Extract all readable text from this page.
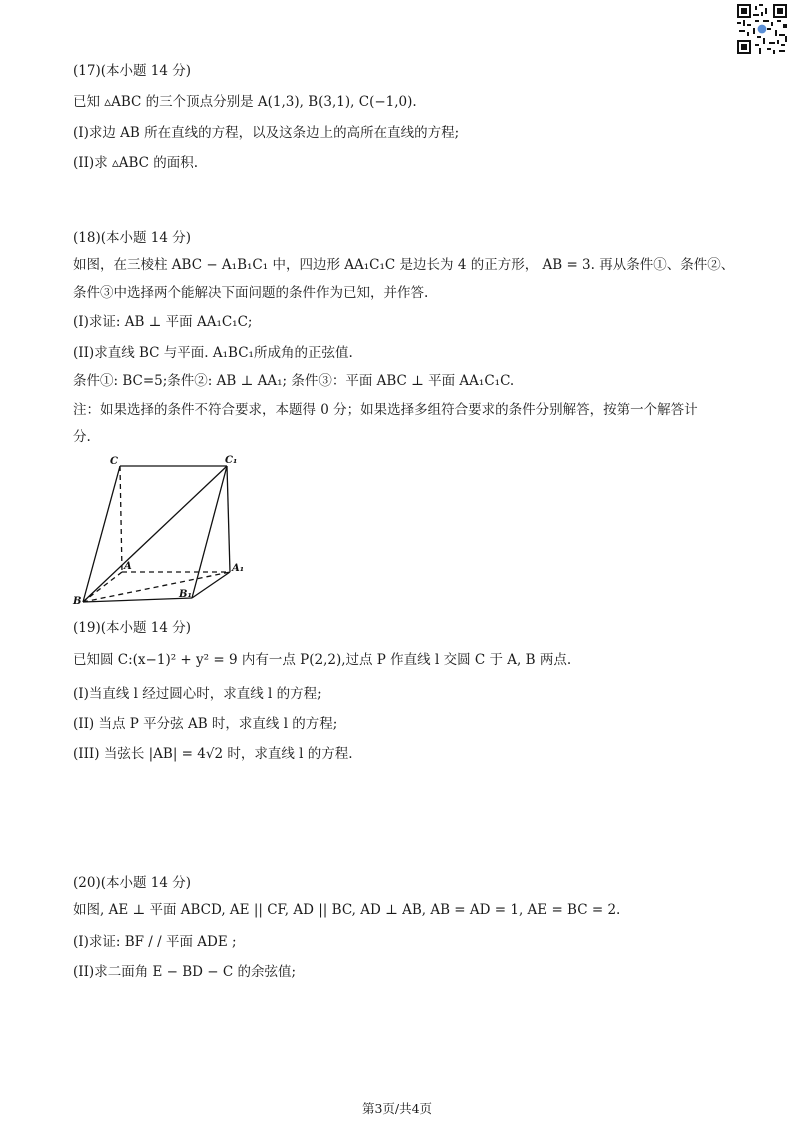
(17)(本小题 14 分)
已知 ▵ABC 的三个顶点分别是 A(1,3), B(3,1), C(−1,0).
(I)求边 AB 所在直线的方程，以及这条边上的高所在直线的方程;
(II)求 ▵ABC 的面积.
(18)(本小题 14 分)
如图，在三棱柱 ABC − A₁B₁C₁ 中，四边形 AA₁C₁C 是边长为 4 的正方形， AB = 3. 再从条件①、条件②、
条件③中选择两个能解决下面问题的条件作为已知，并作答.
(I)求证: AB ⊥ 平面 AA₁C₁C;
(II)求直线 BC 与平面. A₁BC₁所成角的正弦值.
条件①: BC=5;条件②: AB ⊥ AA₁; 条件③：平面 ABC ⊥ 平面 AA₁C₁C.
注：如果选择的条件不符合要求，本题得 0 分；如果选择多组符合要求的条件分别解答，按第一个解答计
分.
C	C₁
A	A₁
B
B₁
(19)(本小题 14 分)
已知圆 C:(x−1)² + y² = 9 内有一点 P(2,2),过点 P 作直线 l 交圆 C 于 A, B 两点.
(I)当直线 l 经过圆心时，求直线 l 的方程;
(II) 当点 P 平分弦 AB 时，求直线 l 的方程;
(III) 当弦长 |AB| = 4√2 时，求直线 l 的方程.
(20)(本小题 14 分)
如图, AE ⊥ 平面 ABCD, AE || CF, AD || BC, AD ⊥ AB, AB = AD = 1, AE = BC = 2.
(I)求证: BF / / 平面 ADE ;
(II)求二面角 E − BD − C 的余弦值;
第3页/共4页
